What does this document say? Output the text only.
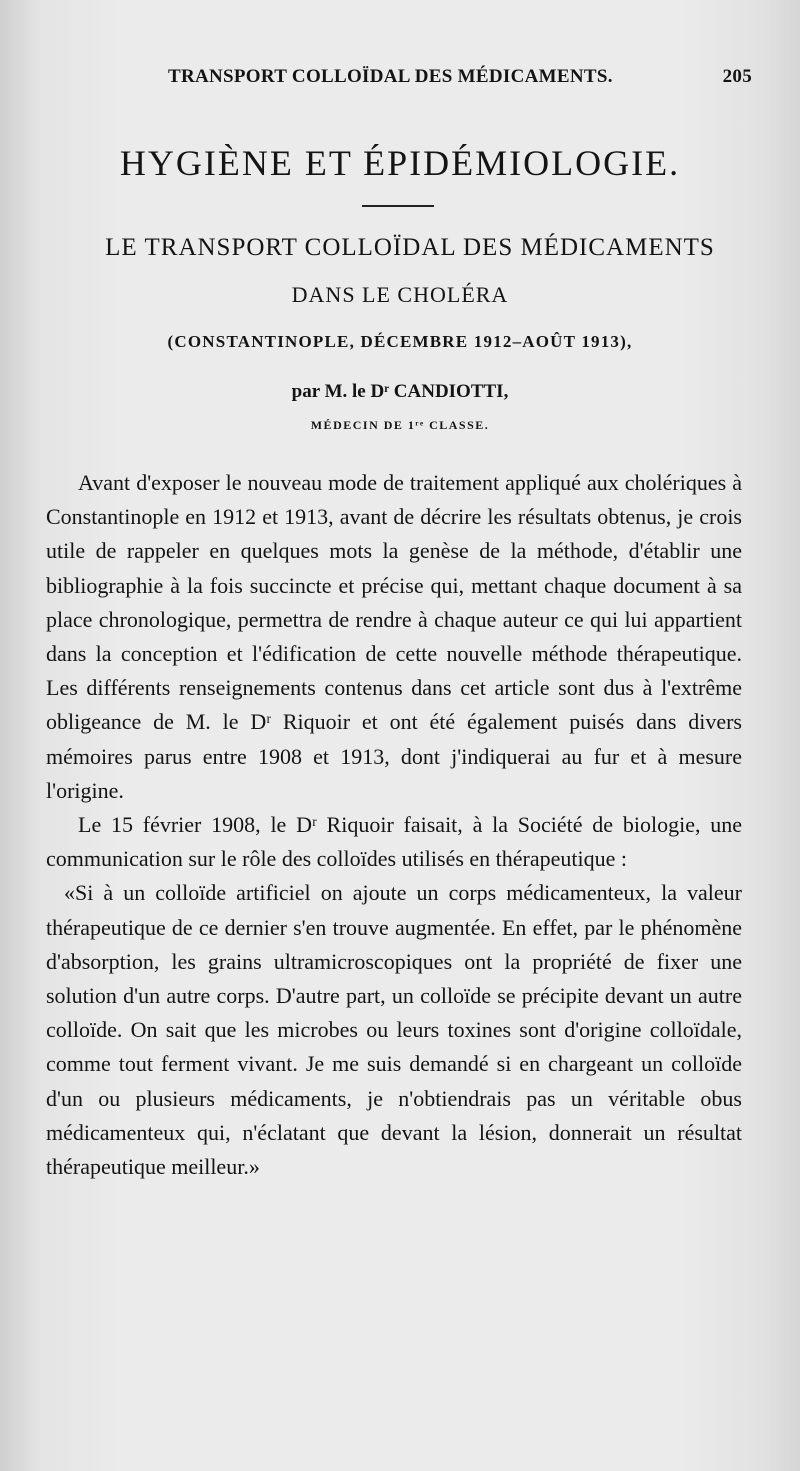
TRANSPORT COLLOÏDAL DES MÉDICAMENTS.	205
HYGIÈNE ET ÉPIDÉMIOLOGIE.
LE TRANSPORT COLLOÏDAL DES MÉDICAMENTS
DANS LE CHOLÉRA
(CONSTANTINOPLE, DÉCEMBRE 1912–AOÛT 1913),
par M. le Dʳ CANDIOTTI,
MÉDECIN DE 1ʳᵉ CLASSE.

Avant d'exposer le nouveau mode de traitement appliqué aux cholériques à Constantinople en 1912 et 1913, avant de décrire les résultats obtenus, je crois utile de rappeler en quelques mots la genèse de la méthode, d'établir une bibliographie à la fois succincte et précise qui, mettant chaque document à sa place chronologique, permettra de rendre à chaque auteur ce qui lui appartient dans la conception et l'édification de cette nouvelle méthode thérapeutique. Les différents renseignements contenus dans cet article sont dus à l'extrême obligeance de M. le Dʳ Riquoir et ont été également puisés dans divers mémoires parus entre 1908 et 1913, dont j'indiquerai au fur et à mesure l'origine.

Le 15 février 1908, le Dʳ Riquoir faisait, à la Société de biologie, une communication sur le rôle des colloïdes utilisés en thérapeutique :

«Si à un colloïde artificiel on ajoute un corps médicamenteux, la valeur thérapeutique de ce dernier s'en trouve augmentée. En effet, par le phénomène d'absorption, les grains ultramicroscopiques ont la propriété de fixer une solution d'un autre corps. D'autre part, un colloïde se précipite devant un autre colloïde. On sait que les microbes ou leurs toxines sont d'origine colloïdale, comme tout ferment vivant. Je me suis demandé si en chargeant un colloïde d'un ou plusieurs médicaments, je n'obtiendrais pas un véritable obus médicamenteux qui, n'éclatant que devant la lésion, donnerait un résultat thérapeutique meilleur.»
